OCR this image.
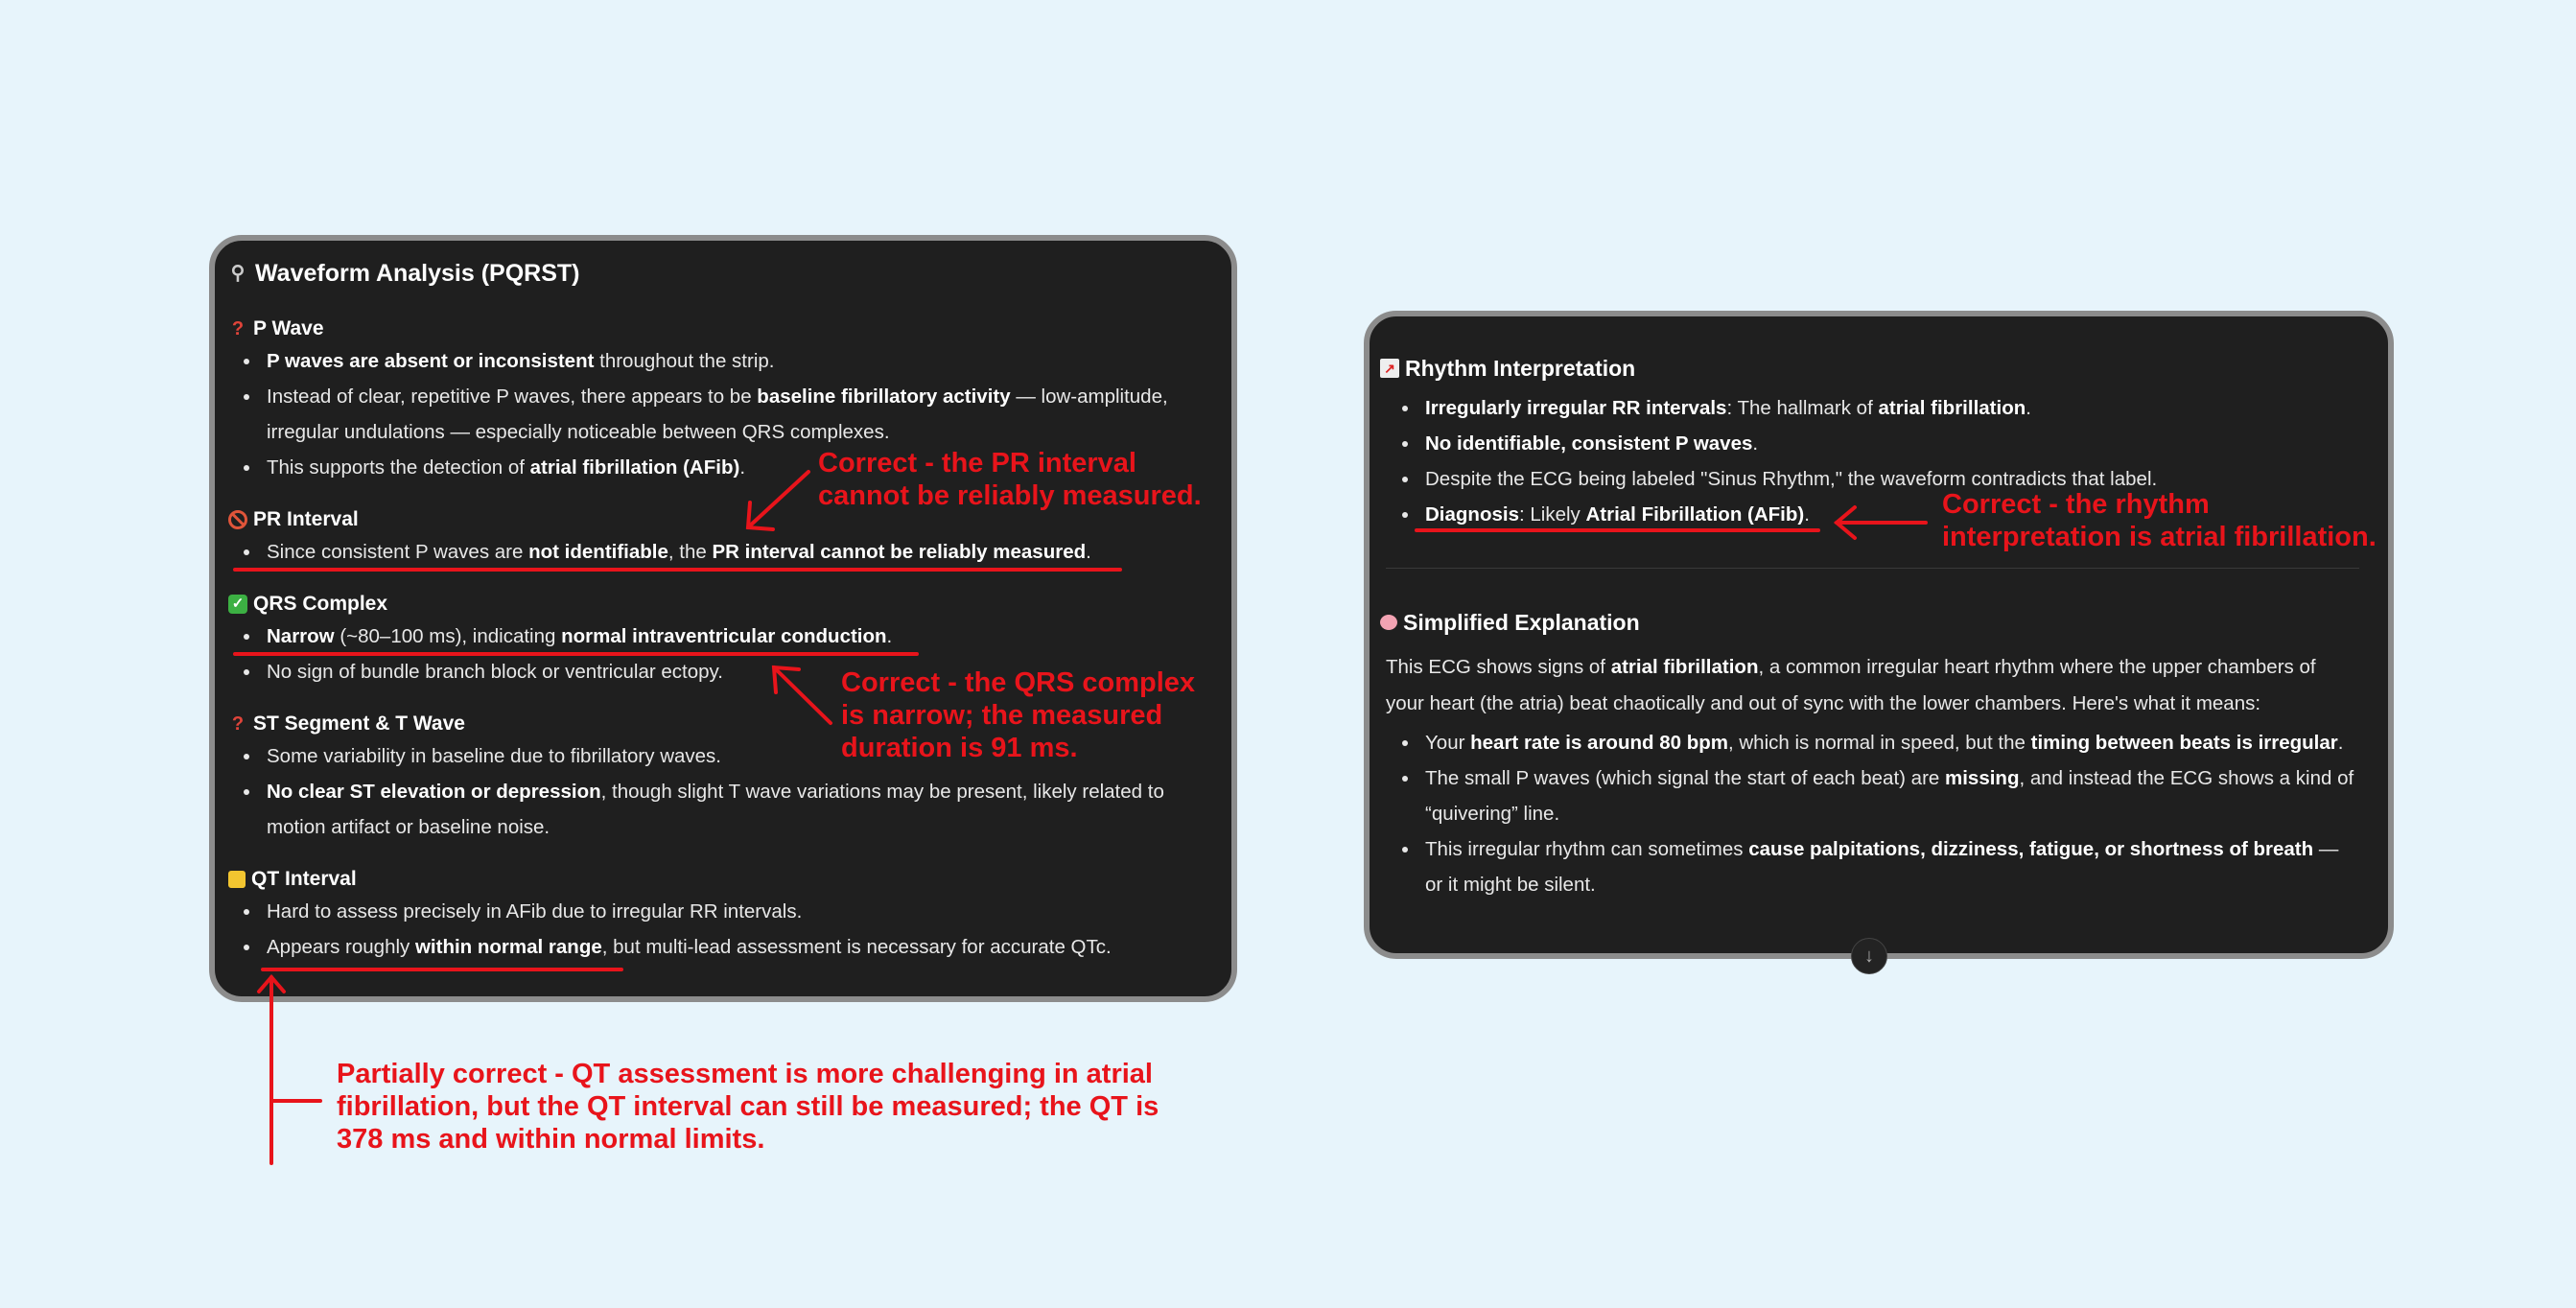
⚲ Waveform Analysis (PQRST)
? P Wave
P waves are absent or inconsistent throughout the strip.
Instead of clear, repetitive P waves, there appears to be baseline fibrillatory activity — low-amplitude, irregular undulations — especially noticeable between QRS complexes.
This supports the detection of atrial fibrillation (AFib).
PR Interval
Since consistent P waves are not identifiable, the PR interval cannot be reliably measured.
✓ QRS Complex
Narrow (~80–100 ms), indicating normal intraventricular conduction.
No sign of bundle branch block or ventricular ectopy.
? ST Segment & T Wave
Some variability in baseline due to fibrillatory waves.
No clear ST elevation or depression, though slight T wave variations may be present, likely related to motion artifact or baseline noise.
QT Interval
Hard to assess precisely in AFib due to irregular RR intervals.
Appears roughly within normal range, but multi-lead assessment is necessary for accurate QTc.
↗ Rhythm Interpretation
Irregularly irregular RR intervals: The hallmark of atrial fibrillation.
No identifiable, consistent P waves.
Despite the ECG being labeled "Sinus Rhythm," the waveform contradicts that label.
Diagnosis: Likely Atrial Fibrillation (AFib).
Simplified Explanation

This ECG shows signs of atrial fibrillation, a common irregular heart rhythm where the upper chambers of your heart (the atria) beat chaotically and out of sync with the lower chambers. Here's what it means:

Your heart rate is around 80 bpm, which is normal in speed, but the timing between beats is irregular.
The small P waves (which signal the start of each beat) are missing, and instead the ECG shows a kind of “quivering” line.
This irregular rhythm can sometimes cause palpitations, dizziness, fatigue, or shortness of breath — or it might be silent.
↓
Correct - the PR interval
cannot be reliably measured.
Correct - the QRS complex
is narrow; the measured
duration is 91 ms.
Partially correct - QT assessment is more challenging in atrial
fibrillation, but the QT interval can still be measured; the QT is
378 ms and within normal limits.
Correct - the rhythm
interpretation is atrial fibrillation.
